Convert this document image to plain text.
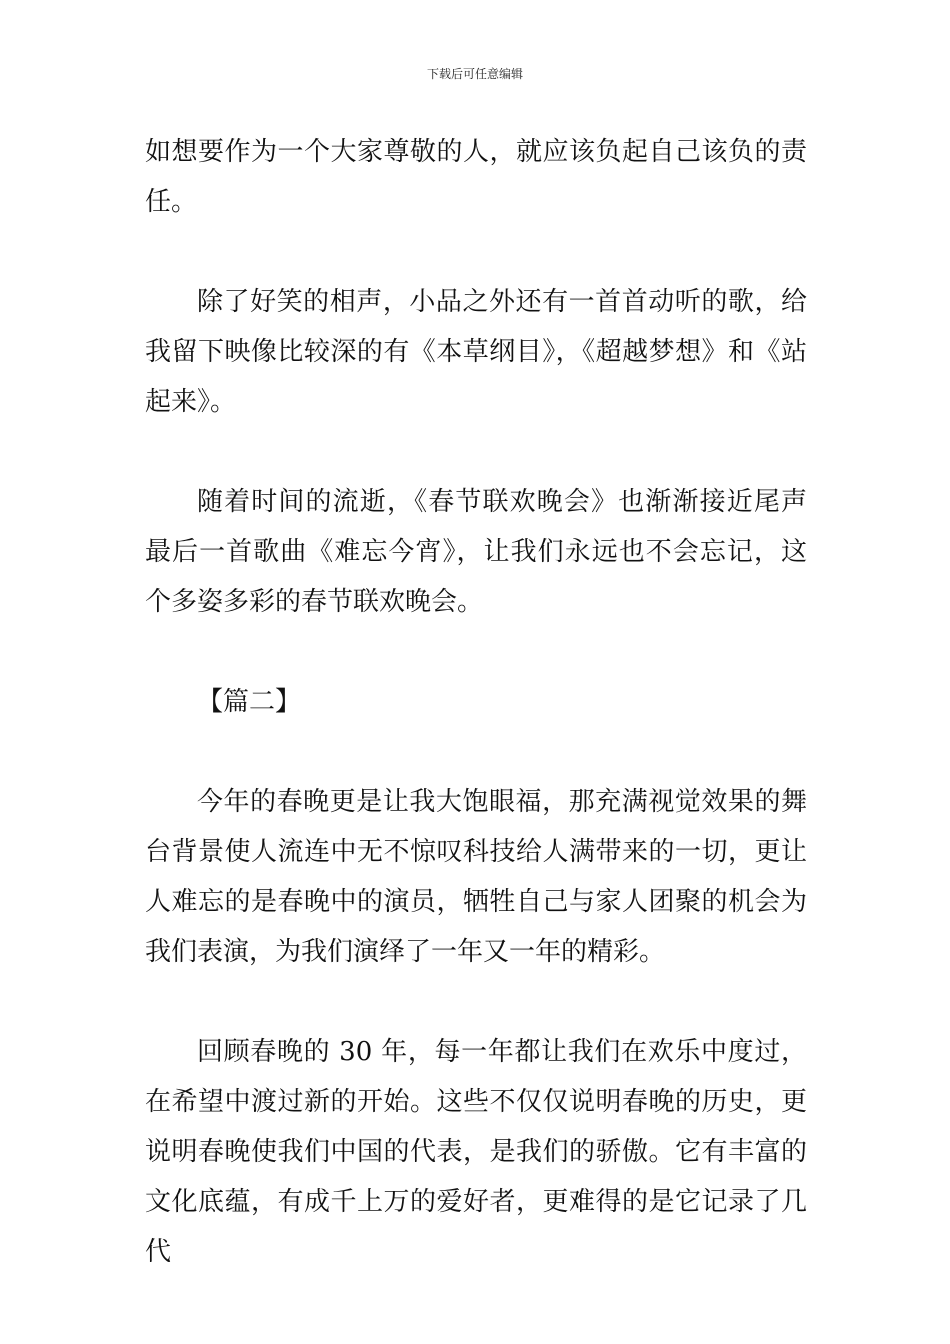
下载后可任意编辑

如想要作为一个大家尊敬的人，就应该负起自己该负的责任。

除了好笑的相声，小品之外还有一首首动听的歌，给我留下映像比较深的有《本草纲目》，《超越梦想》和《站起来》。

随着时间的流逝，《春节联欢晚会》也渐渐接近尾声最后一首歌曲《难忘今宵》，让我们永远也不会忘记，这个多姿多彩的春节联欢晚会。

【篇二】

今年的春晚更是让我大饱眼福，那充满视觉效果的舞台背景使人流连中无不惊叹科技给人满带来的一切，更让人难忘的是春晚中的演员，牺牲自己与家人团聚的机会为我们表演，为我们演绎了一年又一年的精彩。

回顾春晚的 30 年，每一年都让我们在欢乐中度过，在希望中渡过新的开始。这些不仅仅说明春晚的历史，更说明春晚使我们中国的代表，是我们的骄傲。它有丰富的文化底蕴，有成千上万的爱好者，更难得的是它记录了几代
